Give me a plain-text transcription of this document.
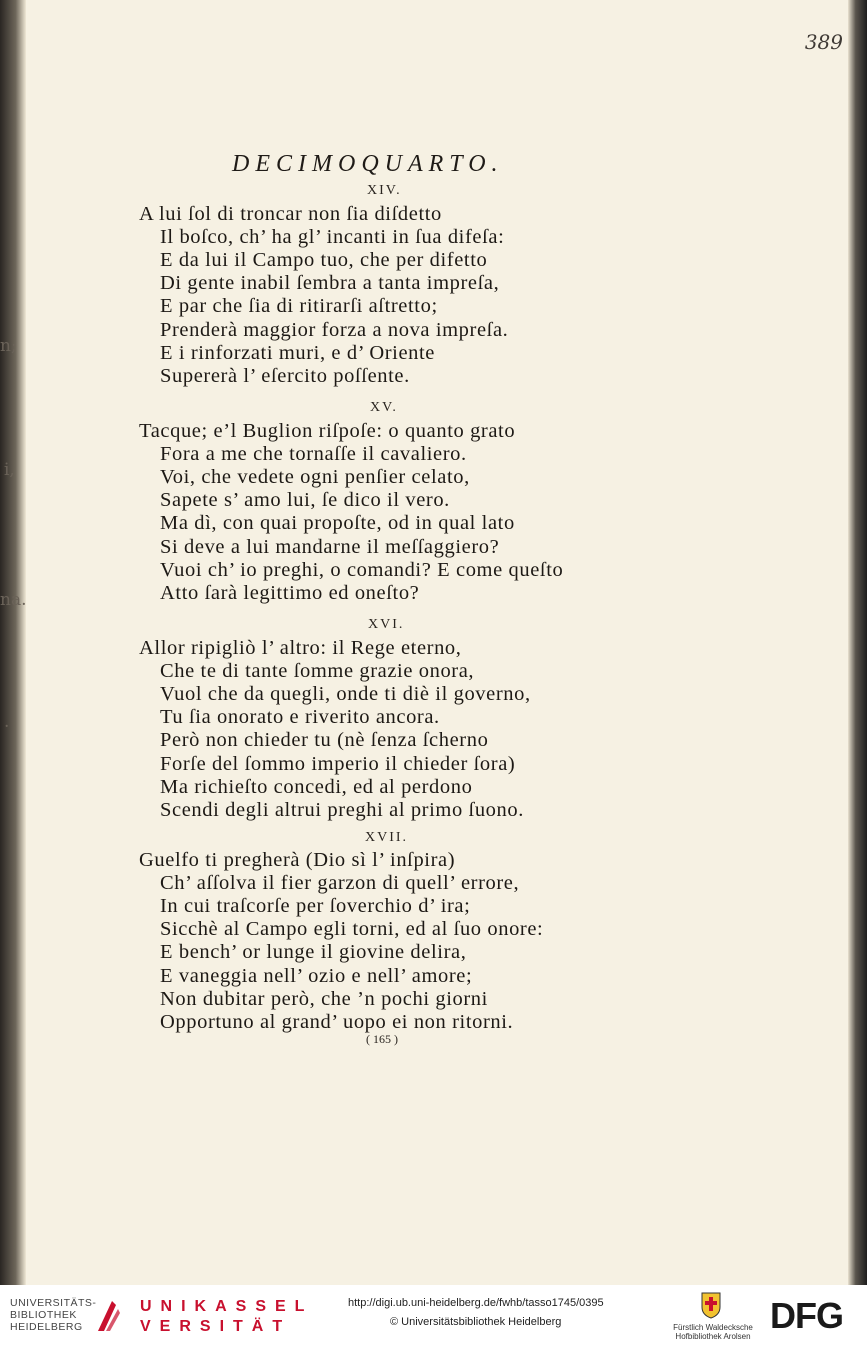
n;
i,
na.
.
389
DECIMOQUARTO.
XIV.
A lui ſol di troncar non ſia diſdetto
Il boſco, ch’ ha gl’ incanti in ſua difeſa:
E da lui il Campo tuo, che per difetto
Di gente inabil ſembra a tanta impreſa,
E par che ſia di ritirarſi aſtretto;
Prenderà maggior forza a nova impreſa.
E i rinforzati muri, e d’ Oriente
Supererà l’ eſercito poſſente.
XV.
Tacque; e’l Buglion riſpoſe: o quanto grato
Fora a me che tornaſſe il cavaliero.
Voi, che vedete ogni penſier celato,
Sapete s’ amo lui, ſe dico il vero.
Ma dì, con quai propoſte, od in qual lato
Si deve a lui mandarne il meſſaggiero?
Vuoi ch’ io preghi, o comandi? E come queſto
Atto ſarà legittimo ed oneſto?
XVI.
Allor ripigliò l’ altro: il Rege eterno,
Che te di tante ſomme grazie onora,
Vuol che da quegli, onde ti diè il governo,
Tu ſia onorato e riverito ancora.
Però non chieder tu (nè ſenza ſcherno
Forſe del ſommo imperio il chieder ſora)
Ma richieſto concedi, ed al perdono
Scendi degli altrui preghi al primo ſuono.
XVII.
Guelfo ti pregherà (Dio sì l’ inſpira)
Ch’ aſſolva il fier garzon di quell’ errore,
In cui traſcorſe per ſoverchio d’ ira;
Sicchè al Campo egli torni, ed al ſuo onore:
E bench’ or lunge il giovine delira,
E vaneggia nell’ ozio e nell’ amore;
Non dubitar però, che ’n pochi giorni
Opportuno al grand’ uopo ei non ritorni.
( 165 )
UNIVERSITÄTS-
BIBLIOTHEK
HEIDELBERG
UNIKASSEL
VERSITÄT
http://digi.ub.uni-heidelberg.de/fwhb/tasso1745/0395
© Universitätsbibliothek Heidelberg	Fürstlich Waldecksche
Hofbibliothek Arolsen
DFG
